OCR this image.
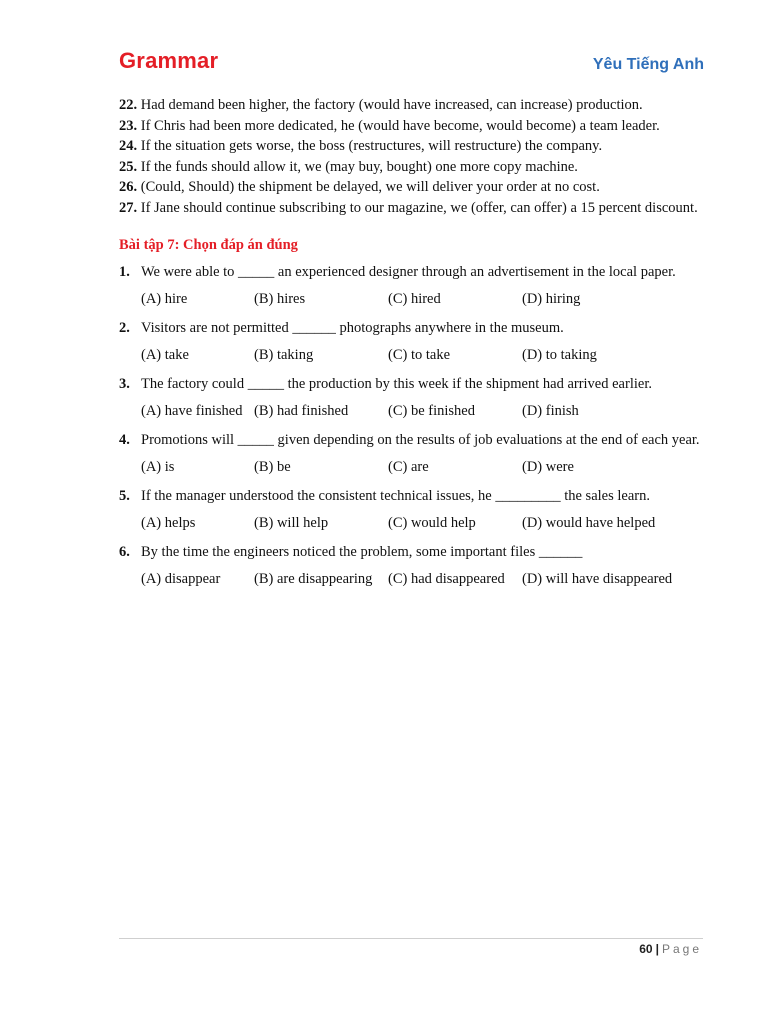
Grammar	Yêu Tiếng Anh
22. Had demand been higher, the factory (would have increased, can increase) production.
23. If Chris had been more dedicated, he (would have become, would become) a team leader.
24. If the situation gets worse, the boss (restructures, will restructure) the company.
25. If the funds should allow it, we (may buy, bought) one more copy machine.
26. (Could, Should) the shipment be delayed, we will deliver your order at no cost.
27. If Jane should continue subscribing to our magazine, we (offer, can offer) a 15 percent discount.
Bài tập 7: Chọn đáp án đúng
1. We were able to _____ an experienced designer through an advertisement in the local paper.
(A) hire	(B) hires	(C) hired	(D) hiring
2. Visitors are not permitted ______ photographs anywhere in the museum.
(A) take	(B) taking	(C) to take	(D) to taking
3. The factory could _____ the production by this week if the shipment had arrived earlier.
(A) have finished (B) had finished	(C) be finished	(D) finish
4. Promotions will _____ given depending on the results of job evaluations at the end of each year.
(A) is	(B) be	(C) are	(D) were
5. If the manager understood the consistent technical issues, he _________ the sales learn.
(A) helps	(B) will help	(C) would help	(D) would have helped
6. By the time the engineers noticed the problem, some important files ______
(A) disappear	(B) are disappearing	(C) had disappeared	(D) will have disappeared
60 | Page
